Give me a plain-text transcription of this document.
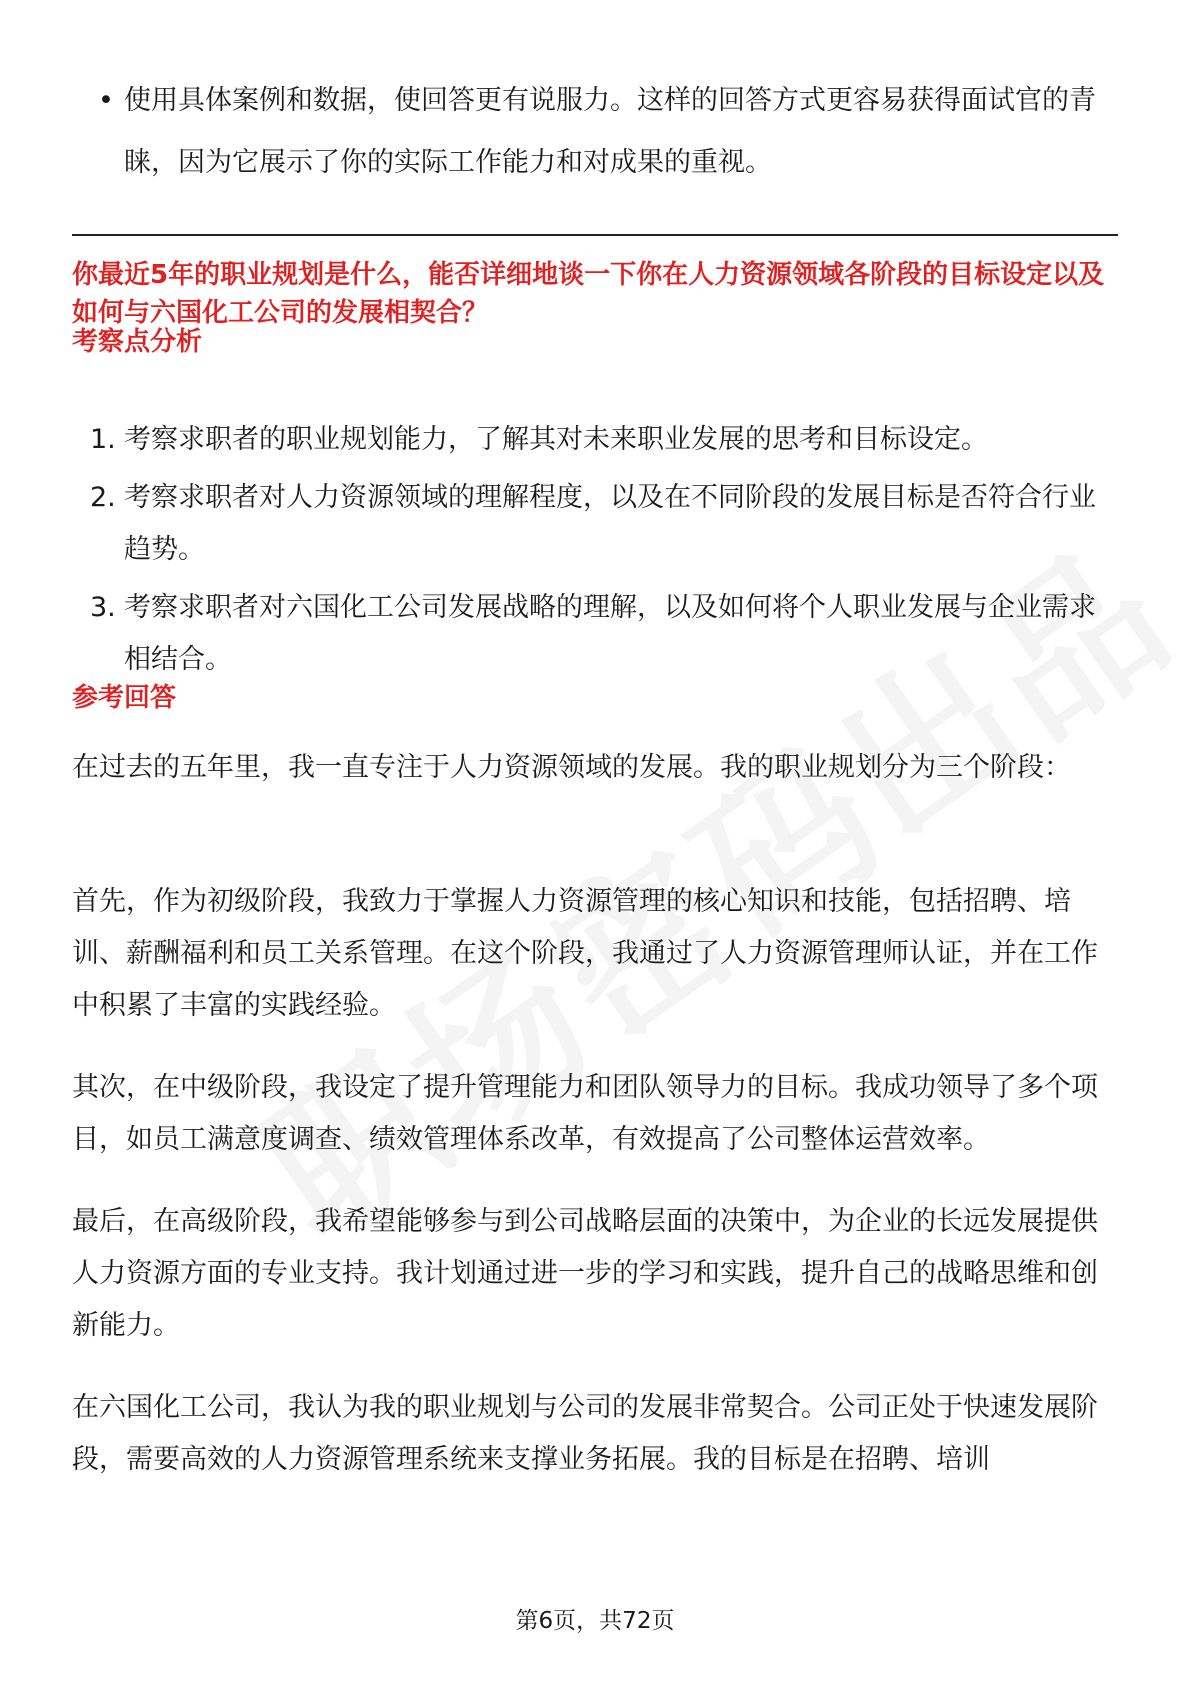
• 使用具体案例和数据，使回答更有说服力。这样的回答方式更容易获得面试官的青睐，因为它展示了你的实际工作能力和对成果的重视。

你最近5年的职业规划是什么，能否详细地谈一下你在人力资源领域各阶段的目标设定以及如何与六国化工公司的发展相契合？

考察点分析

1. 考察求职者的职业规划能力，了解其对未来职业发展的思考和目标设定。
2. 考察求职者对人力资源领域的理解程度，以及在不同阶段的发展目标是否符合行业趋势。
3. 考察求职者对六国化工公司发展战略的理解，以及如何将个人职业发展与企业需求相结合。

参考回答

在过去的五年里，我一直专注于人力资源领域的发展。我的职业规划分为三个阶段：

首先，作为初级阶段，我致力于掌握人力资源管理的核心知识和技能，包括招聘、培训、薪酬福利和员工关系管理。在这个阶段，我通过了人力资源管理师认证，并在工作中积累了丰富的实践经验。

其次，在中级阶段，我设定了提升管理能力和团队领导力的目标。我成功领导了多个项目，如员工满意度调查、绩效管理体系改革，有效提高了公司整体运营效率。

最后，在高级阶段，我希望能够参与到公司战略层面的决策中，为企业的长远发展提供人力资源方面的专业支持。我计划通过进一步的学习和实践，提升自己的战略思维和创新能力。

在六国化工公司，我认为我的职业规划与公司的发展非常契合。公司正处于快速发展阶段，需要高效的人力资源管理系统来支撑业务拓展。我的目标是在招聘、培训

第6页，共72页
